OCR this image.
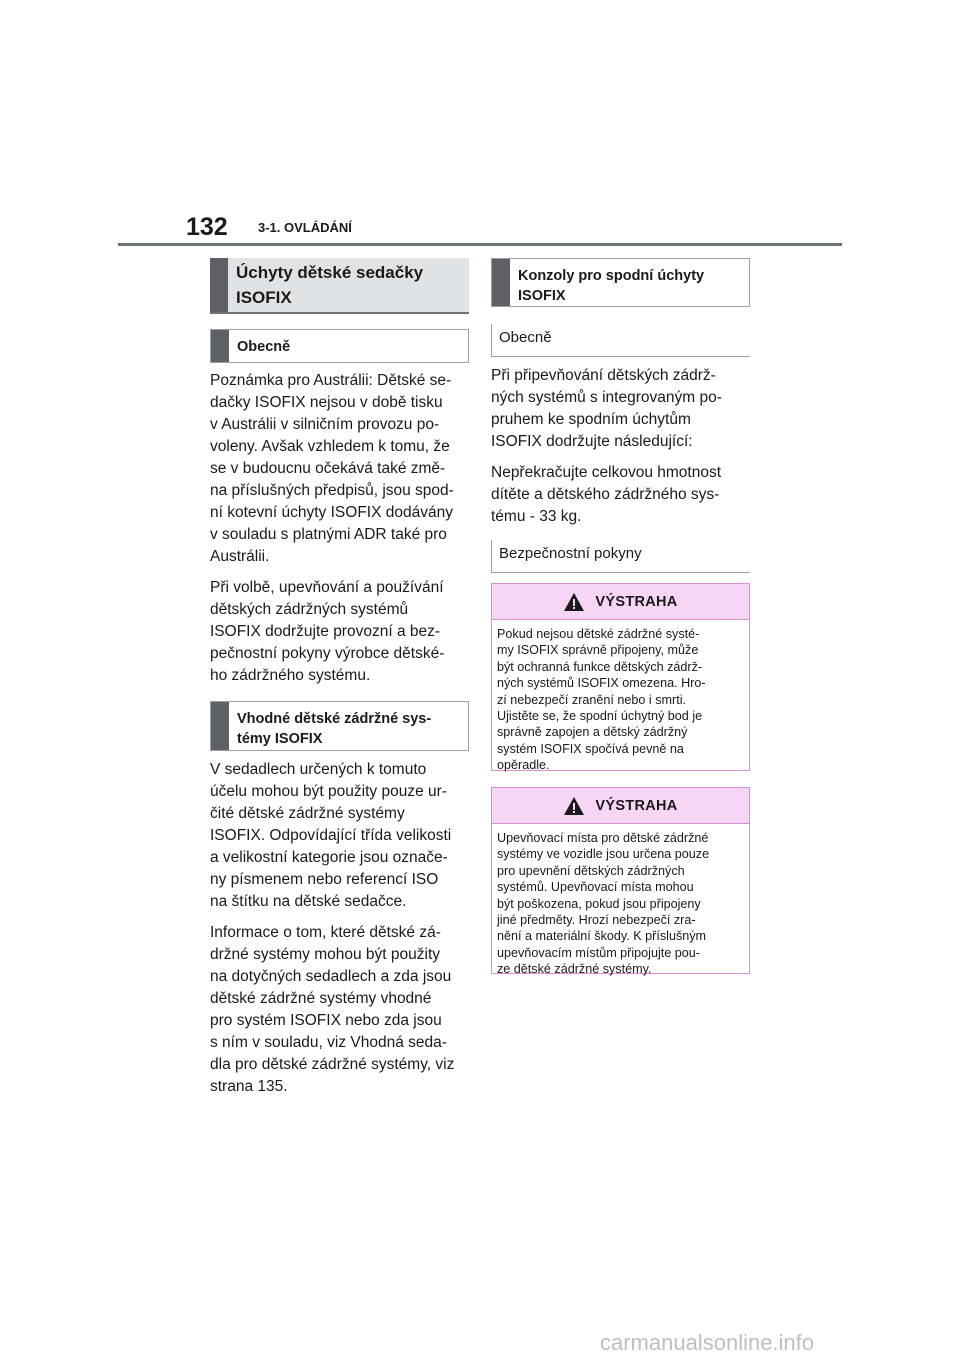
132 3-1. OVLÁDÁNÍ
Úchyty dětské sedačky
ISOFIX
Obecně

Poznámka pro Austrálii: Dětské se-
dačky ISOFIX nejsou v době tisku
v Austrálii v silničním provozu po-
voleny. Avšak vzhledem k tomu, že
se v budoucnu očekává také změ-
na příslušných předpisů, jsou spod-
ní kotevní úchyty ISOFIX dodávány
v souladu s platnými ADR také pro
Austrálii.

Při volbě, upevňování a používání
dětských zádržných systémů
ISOFIX dodržujte provozní a bez-
pečnostní pokyny výrobce dětské-
ho zádržného systému.

Vhodné dětské zádržné sys-
témy ISOFIX

V sedadlech určených k tomuto
účelu mohou být použity pouze ur-
čité dětské zádržné systémy
ISOFIX. Odpovídající třída velikosti
a velikostní kategorie jsou označe-
ny písmenem nebo referencí ISO
na štítku na dětské sedačce.

Informace o tom, které dětské zá-
držné systémy mohou být použity
na dotyčných sedadlech a zda jsou
dětské zádržné systémy vhodné
pro systém ISOFIX nebo zda jsou
s ním v souladu, viz Vhodná seda-
dla pro dětské zádržné systémy, viz
strana 135.

Konzoly pro spodní úchyty
ISOFIX
Obecně

Při připevňování dětských zádrž-
ných systémů s integrovaným po-
pruhem ke spodním úchytům
ISOFIX dodržujte následující:

Nepřekračujte celkovou hmotnost
dítěte a dětského zádržného sys-
tému - 33 kg.

Bezpečnostní pokyny
VÝSTRAHA
Pokud nejsou dětské zádržné systé-
my ISOFIX správně připojeny, může
být ochranná funkce dětských zádrž-
ných systémů ISOFIX omezena. Hro-
zí nebezpečí zranění nebo i smrti.
Ujistěte se, že spodní úchytný bod je
správně zapojen a dětský zádržný
systém ISOFIX spočívá pevně na
opěradle.
VÝSTRAHA
Upevňovací místa pro dětské zádržné
systémy ve vozidle jsou určena pouze
pro upevnění dětských zádržných
systémů. Upevňovací místa mohou
být poškozena, pokud jsou připojeny
jiné předměty. Hrozí nebezpečí zra-
nění a materiální škody. K příslušným
upevňovacím místům připojujte pou-
ze dětské zádržné systémy.
carmanualsonline.info
